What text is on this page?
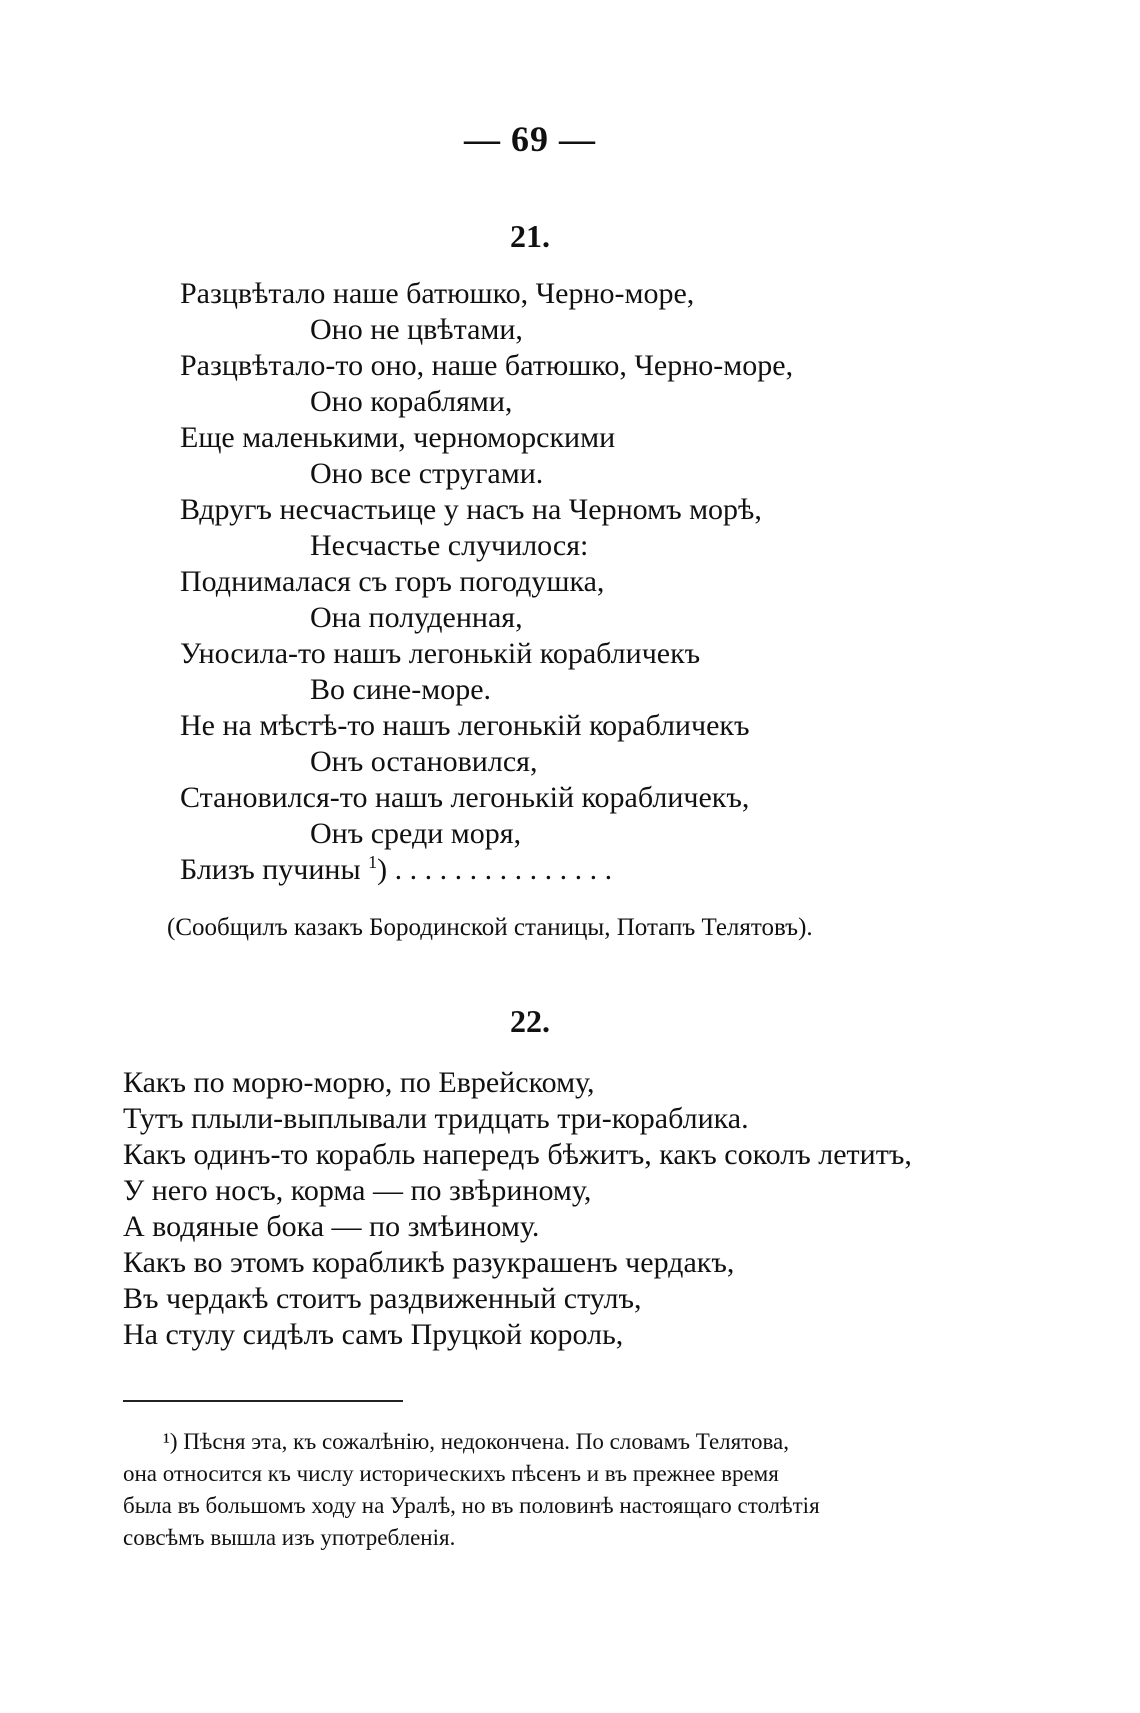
— 69 —
21.
Разцвѣтало наше батюшко, Черно-море,
Оно не цвѣтами,
Разцвѣтало-то оно, наше батюшко, Черно-море,
Оно кораблями,
Еще маленькими, черноморскими
Оно все стругами.
Вдругъ несчастьице у насъ на Черномъ морѣ,
Несчастье случилося:
Поднималася съ горъ погодушка,
Она полуденная,
Уносила-то нашъ легонькій корабличекъ
Во сине-море.
Не на мѣстѣ-то нашъ легонькій корабличекъ
Онъ остановился,
Становился-то нашъ легонькій корабличекъ,
Онъ среди моря,
Близъ пучины $^1$) . . . . . . . . . . . . . . .
(Сообщилъ казакъ Бородинской станицы, Потапъ Телятовъ).
22.
Какъ по морю-морю, по Еврейскому,
Тутъ плыли-выплывали тридцать три-кораблика.
Какъ одинъ-то корабль напередъ бѣжитъ, какъ соколъ летитъ,
У него носъ, корма — по звѣриному,
А водяные бока — по змѣиному.
Какъ во этомъ корабликѣ разукрашенъ чердакъ,
Въ чердакѣ стоитъ раздвиженный стулъ,
На стулу сидѣлъ самъ Пруцкой король,

¹) Пѣсня эта, къ сожалѣнію, недокончена. По словамъ Телятова,

она относится къ числу историческихъ пѣсенъ и въ прежнее время

была въ большомъ ходу на Уралѣ, но въ половинѣ настоящаго столѣтія

совсѣмъ вышла изъ употребленія.
